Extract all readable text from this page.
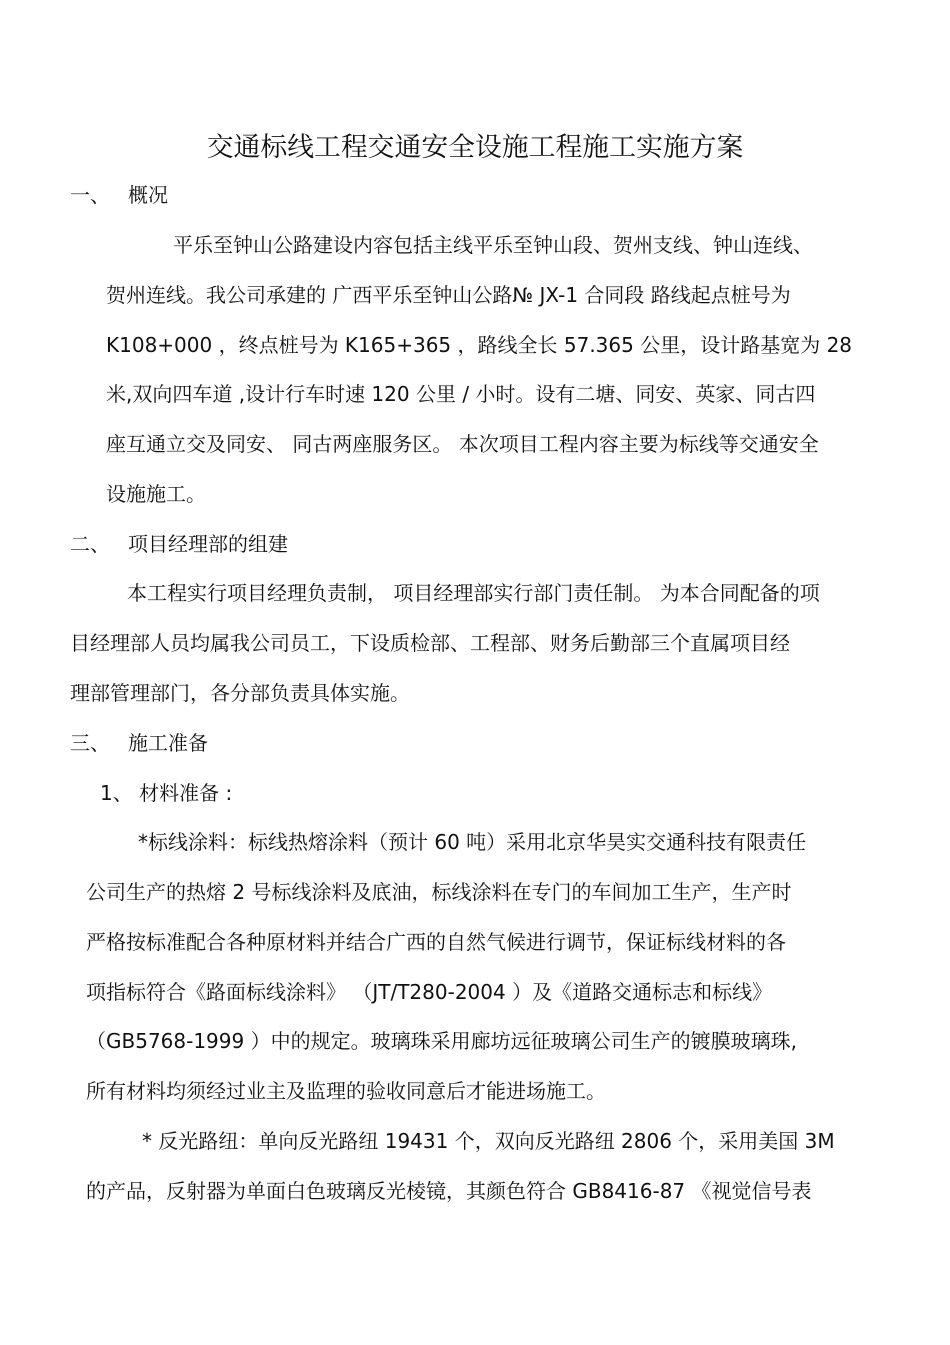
交通标线工程交通安全设施工程施工实施方案
一、 概况
平乐至钟山公路建设内容包括主线平乐至钟山段、贺州支线、钟山连线、
贺州连线。我公司承建的 广西平乐至钟山公路№ JX-1 合同段 路线起点桩号为
K108+000 ，终点桩号为 K165+365 ，路线全长 57.365 公里，设计路基宽为 28
米,双向四车道 ,设计行车时速 120 公里 / 小时。设有二塘、同安、英家、同古四
座互通立交及同安、 同古两座服务区。 本次项目工程内容主要为标线等交通安全
设施施工。
二、 项目经理部的组建
本工程实行项目经理负责制， 项目经理部实行部门责任制。 为本合同配备的项
目经理部人员均属我公司员工，下设质检部、工程部、财务后勤部三个直属项目经
理部管理部门，各分部负责具体实施。
三、 施工准备
1、 材料准备 :
*标线涂料：标线热熔涂料（预计 60 吨）采用北京华昊实交通科技有限责任
公司生产的热熔 2 号标线涂料及底油，标线涂料在专门的车间加工生产，生产时
严格按标准配合各种原材料并结合广西的自然气候进行调节，保证标线材料的各
项指标符合《路面标线涂料》 （JT/T280-2004 ）及《道路交通标志和标线》
（GB5768-1999 ）中的规定。玻璃珠采用廊坊远征玻璃公司生产的镀膜玻璃珠,
所有材料均须经过业主及监理的验收同意后才能进场施工。
* 反光路纽：单向反光路纽 19431 个，双向反光路纽 2806 个，采用美国 3M
的产品，反射器为单面白色玻璃反光棱镜，其颜色符合 GB8416-87 《视觉信号表
